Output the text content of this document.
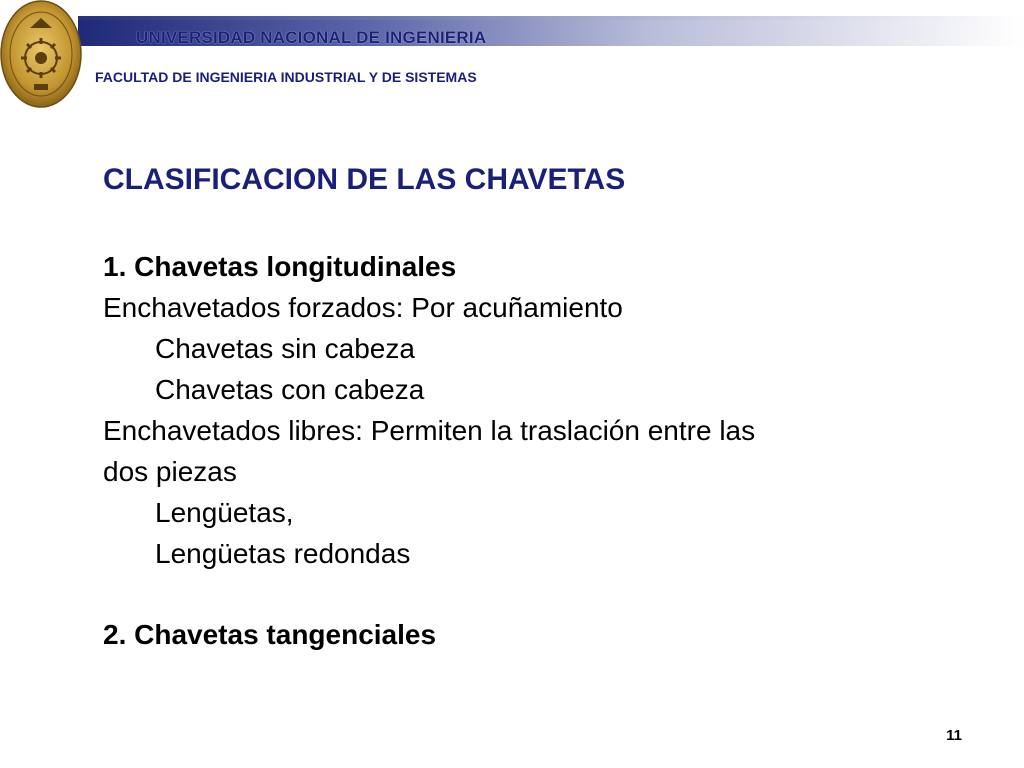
UNIVERSIDAD NACIONAL DE INGENIERIA
FACULTAD DE INGENIERIA INDUSTRIAL Y DE SISTEMAS

CLASIFICACION DE LAS CHAVETAS

1. Chavetas longitudinales

Enchavetados forzados: Por acuñamiento

Chavetas sin cabeza

Chavetas con cabeza

Enchavetados libres: Permiten la traslación entre las

dos piezas

Lengüetas,

Lengüetas redondas

2. Chavetas tangenciales

11
